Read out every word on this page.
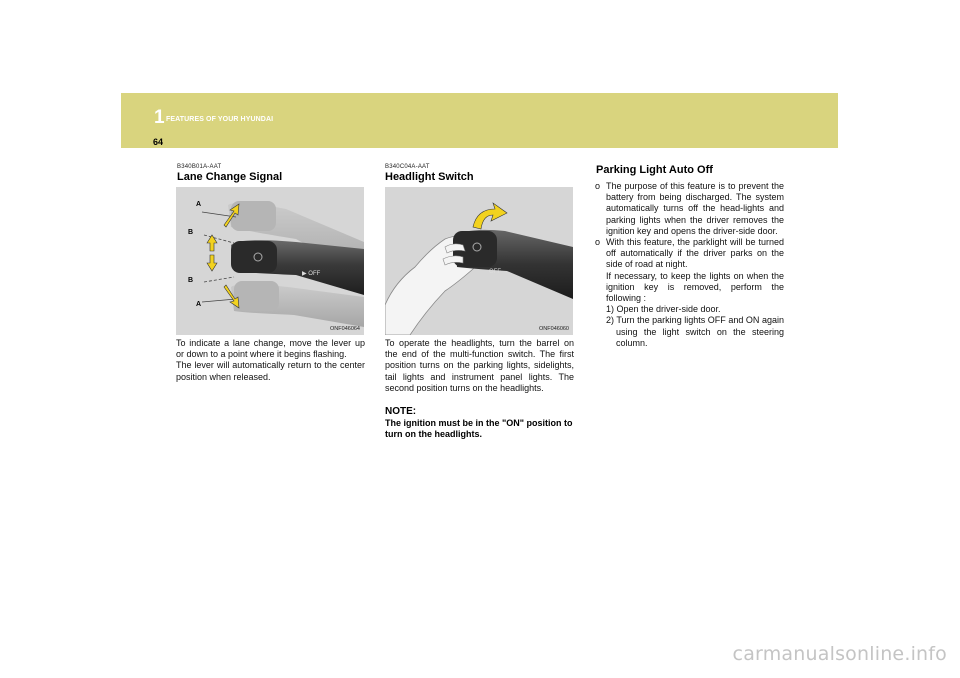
1 FEATURES OF YOUR HYUNDAI
64
B340B01A-AAT
Lane Change Signal
▶ OFF
A
B
B
A
ONF046064

To indicate a lane change, move the lever up or down to a point where it begins flashing.

The lever will automatically return to the center position when released.

B340C04A-AAT
Headlight Switch
OFF
ONF046060
To operate the headlights, turn the barrel on the end of the multi-function switch. The first position turns on the parking lights, sidelights, tail lights and instrument panel lights. The second position turns on the headlights.
NOTE:
The ignition must be in the "ON" position to turn on the headlights.
Parking Light Auto Off
o The purpose of this feature is to prevent the battery from being discharged. The system automatically turns off the head-lights and parking lights when the driver removes the ignition key and opens the driver-side door.
o With this feature, the parklight will be turned off automatically if the driver parks on the side of road at night.
If necessary, to keep the lights on when the ignition key is removed, perform the following :
1) Open the driver-side door.
2) Turn the parking lights OFF and ON again using the light switch on the steering column.
carmanualsonline.info
